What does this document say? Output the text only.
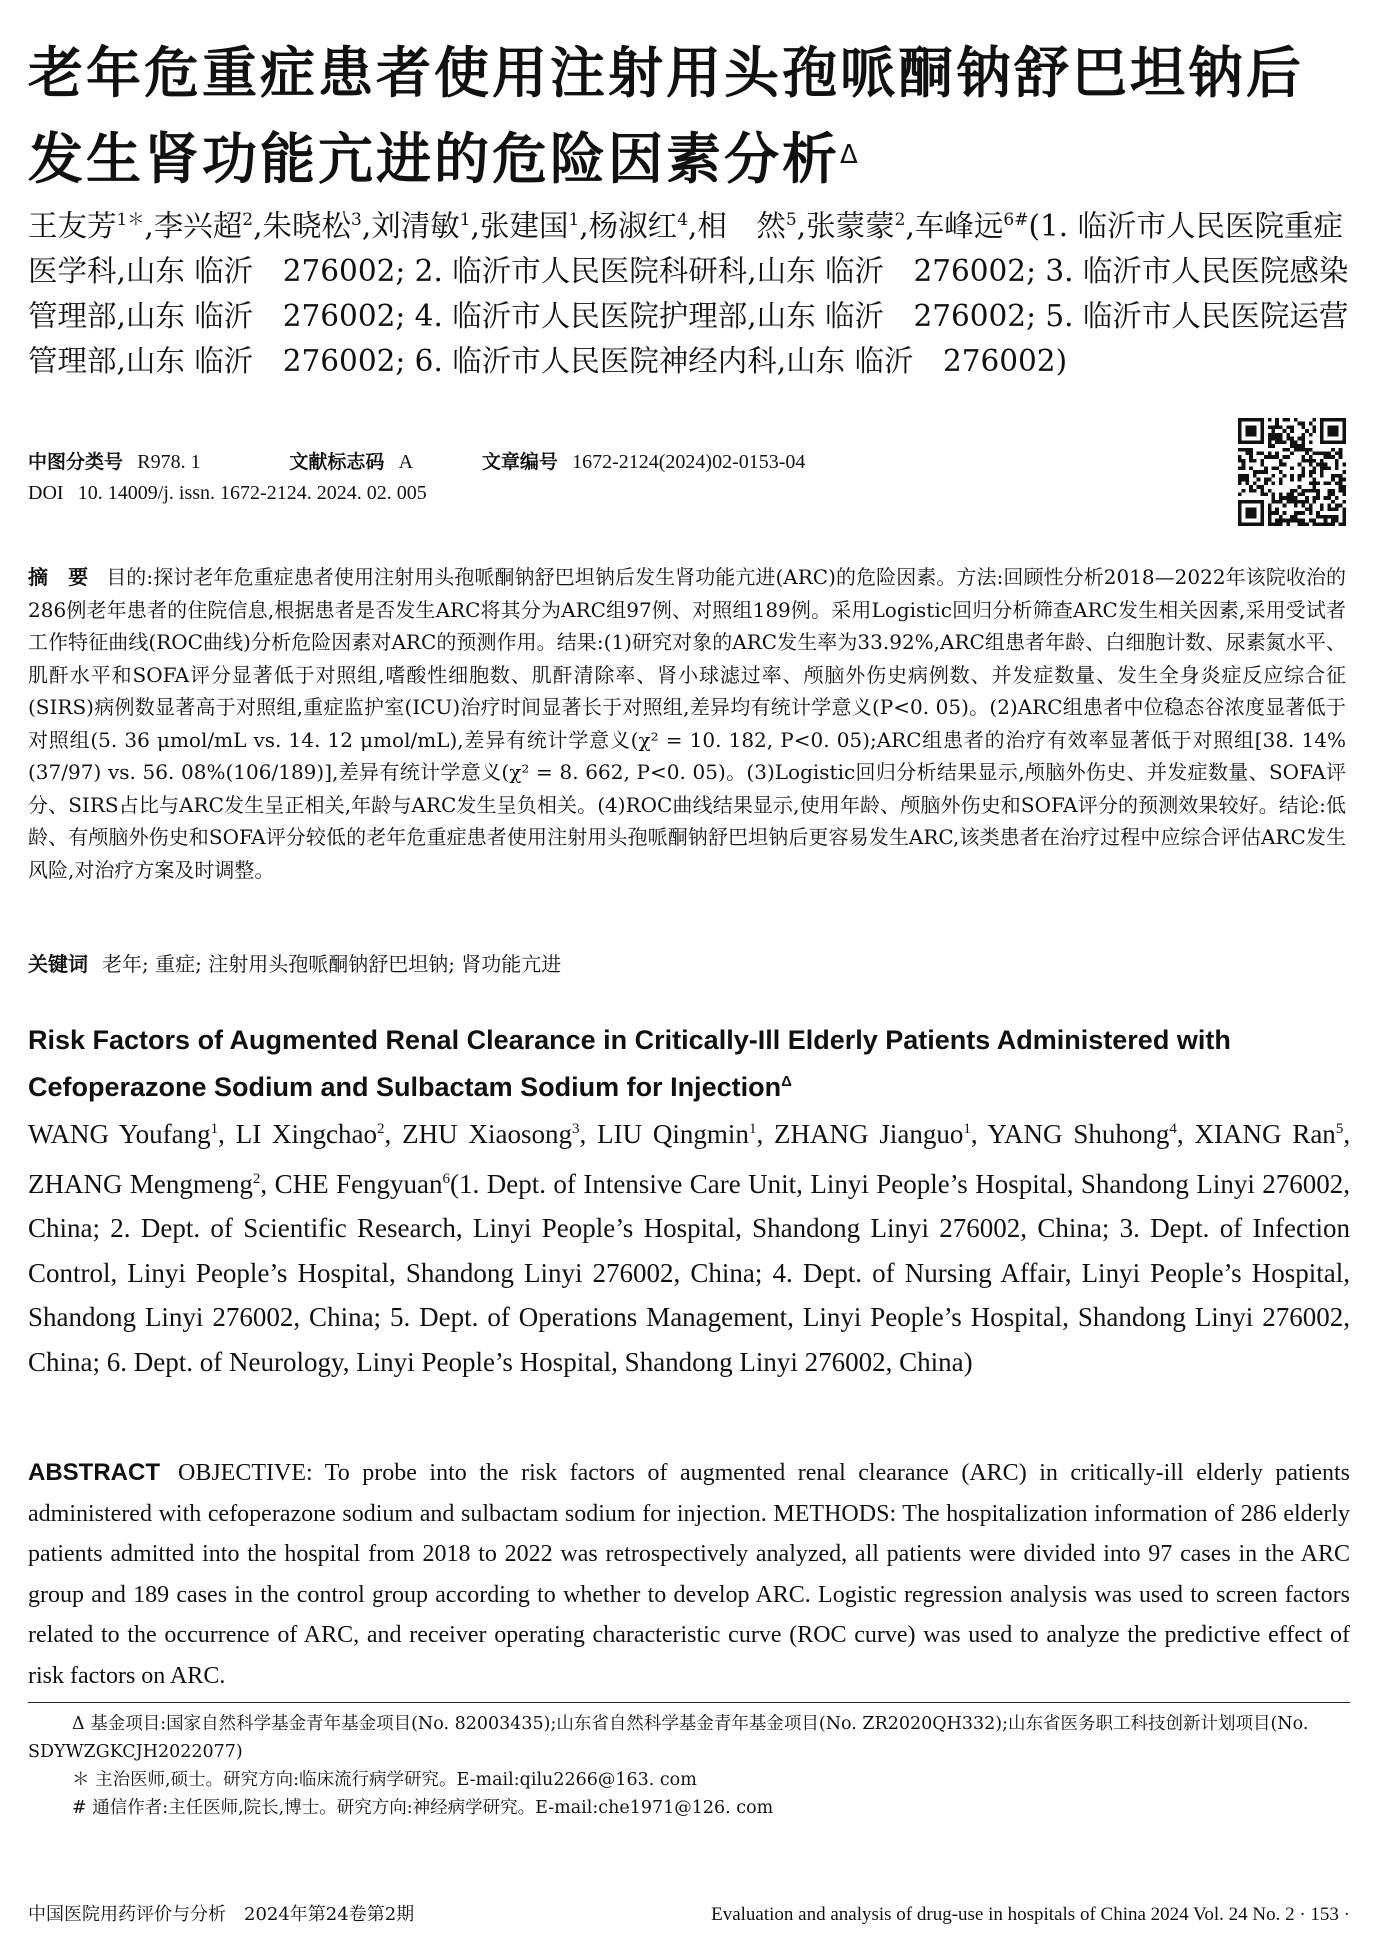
老年危重症患者使用注射用头孢哌酮钠舒巴坦钠后发生肾功能亢进的危险因素分析$^\Delta$

王友芳$^{1*}$,李兴超$^2$,朱晓松$^3$,刘清敏$^1$,张建国$^1$,杨淑红$^4$,相　然$^5$,张蒙蒙$^2$,车峰远$^{6\#}$(1. 临沂市人民医院重症医学科,山东 临沂　276002; 2. 临沂市人民医院科研科,山东 临沂　276002; 3. 临沂市人民医院感染管理部,山东 临沂　276002; 4. 临沂市人民医院护理部,山东 临沂　276002; 5. 临沂市人民医院运营管理部,山东 临沂　276002; 6. 临沂市人民医院神经内科,山东 临沂　276002)

中图分类号 R978. 1	文献标志码 A	文章编号 1672-2124(2024)02-0153-04
DOI 10. 14009/j. issn. 1672-2124. 2024. 02. 005

摘　要 目的:探讨老年危重症患者使用注射用头孢哌酮钠舒巴坦钠后发生肾功能亢进(ARC)的危险因素。方法:回顾性分析2018—2022年该院收治的286例老年患者的住院信息,根据患者是否发生ARC将其分为ARC组97例、对照组189例。采用Logistic回归分析筛查ARC发生相关因素,采用受试者工作特征曲线(ROC曲线)分析危险因素对ARC的预测作用。结果:(1)研究对象的ARC发生率为33.92%,ARC组患者年龄、白细胞计数、尿素氮水平、肌酐水平和SOFA评分显著低于对照组,嗜酸性细胞数、肌酐清除率、肾小球滤过率、颅脑外伤史病例数、并发症数量、发生全身炎症反应综合征(SIRS)病例数显著高于对照组,重症监护室(ICU)治疗时间显著长于对照组,差异均有统计学意义(P<0. 05)。(2)ARC组患者中位稳态谷浓度显著低于对照组(5. 36 μmol/mL vs. 14. 12 μmol/mL),差异有统计学意义(χ² = 10. 182, P<0. 05);ARC组患者的治疗有效率显著低于对照组[38. 14%(37/97) vs. 56. 08%(106/189)],差异有统计学意义(χ² = 8. 662, P<0. 05)。(3)Logistic回归分析结果显示,颅脑外伤史、并发症数量、SOFA评分、SIRS占比与ARC发生呈正相关,年龄与ARC发生呈负相关。(4)ROC曲线结果显示,使用年龄、颅脑外伤史和SOFA评分的预测效果较好。结论:低龄、有颅脑外伤史和SOFA评分较低的老年危重症患者使用注射用头孢哌酮钠舒巴坦钠后更容易发生ARC,该类患者在治疗过程中应综合评估ARC发生风险,对治疗方案及时调整。

关键词 老年; 重症; 注射用头孢哌酮钠舒巴坦钠; 肾功能亢进

Risk Factors of Augmented Renal Clearance in Critically-Ill Elderly Patients Administered with Cefoperazone Sodium and Sulbactam Sodium for Injection$^\Delta$

WANG Youfang$^1$, LI Xingchao$^2$, ZHU Xiaosong$^3$, LIU Qingmin$^1$, ZHANG Jianguo$^1$, YANG Shuhong$^4$, XIANG Ran$^5$, ZHANG Mengmeng$^2$, CHE Fengyuan$^6$(1. Dept. of Intensive Care Unit, Linyi People’s Hospital, Shandong Linyi 276002, China; 2. Dept. of Scientific Research, Linyi People’s Hospital, Shandong Linyi 276002, China; 3. Dept. of Infection Control, Linyi People’s Hospital, Shandong Linyi 276002, China; 4. Dept. of Nursing Affair, Linyi People’s Hospital, Shandong Linyi 276002, China; 5. Dept. of Operations Management, Linyi People’s Hospital, Shandong Linyi 276002, China; 6. Dept. of Neurology, Linyi People’s Hospital, Shandong Linyi 276002, China)

ABSTRACT OBJECTIVE: To probe into the risk factors of augmented renal clearance (ARC) in critically-ill elderly patients administered with cefoperazone sodium and sulbactam sodium for injection. METHODS: The hospitalization information of 286 elderly patients admitted into the hospital from 2018 to 2022 was retrospectively analyzed, all patients were divided into 97 cases in the ARC group and 189 cases in the control group according to whether to develop ARC. Logistic regression analysis was used to screen factors related to the occurrence of ARC, and receiver operating characteristic curve (ROC curve) was used to analyze the predictive effect of risk factors on ARC.

Δ 基金项目:国家自然科学基金青年基金项目(No. 82003435);山东省自然科学基金青年基金项目(No. ZR2020QH332);山东省医务职工科技创新计划项目(No. SDYWZGKCJH2022077)

＊ 主治医师,硕士。研究方向:临床流行病学研究。E-mail:qilu2266@163. com

# 通信作者:主任医师,院长,博士。研究方向:神经病学研究。E-mail:che1971@126. com

中国医院用药评价与分析　2024年第24卷第2期	Evaluation and analysis of drug-use in hospitals of China 2024 Vol. 24 No. 2 · 153 ·
